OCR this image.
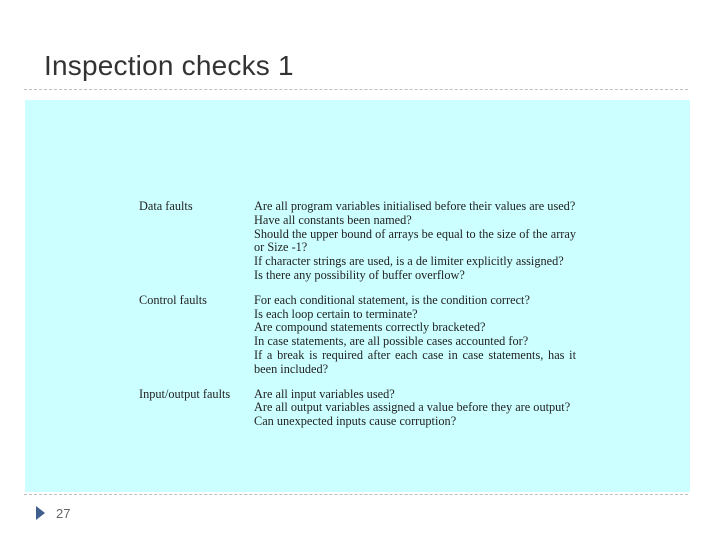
Inspection checks 1
Data faults	Are all program variables initialised before their values are used?
Have all constants been named?
Should the upper bound of arrays be equal to the size of the array or Size -1?
If character strings are used, is a de limiter explicitly assigned?
Is there any possibility of buffer overflow?

Control faults	For each conditional statement, is the condition correct?
Is each loop certain to terminate?
Are compound statements correctly bracketed?
In case statements, are all possible cases accounted for?
If a break is required after each case in case statements, has it been included?

Input/output faults	Are all input variables used?
Are all output variables assigned a value before they are output?
Can unexpected inputs cause corruption?
27
